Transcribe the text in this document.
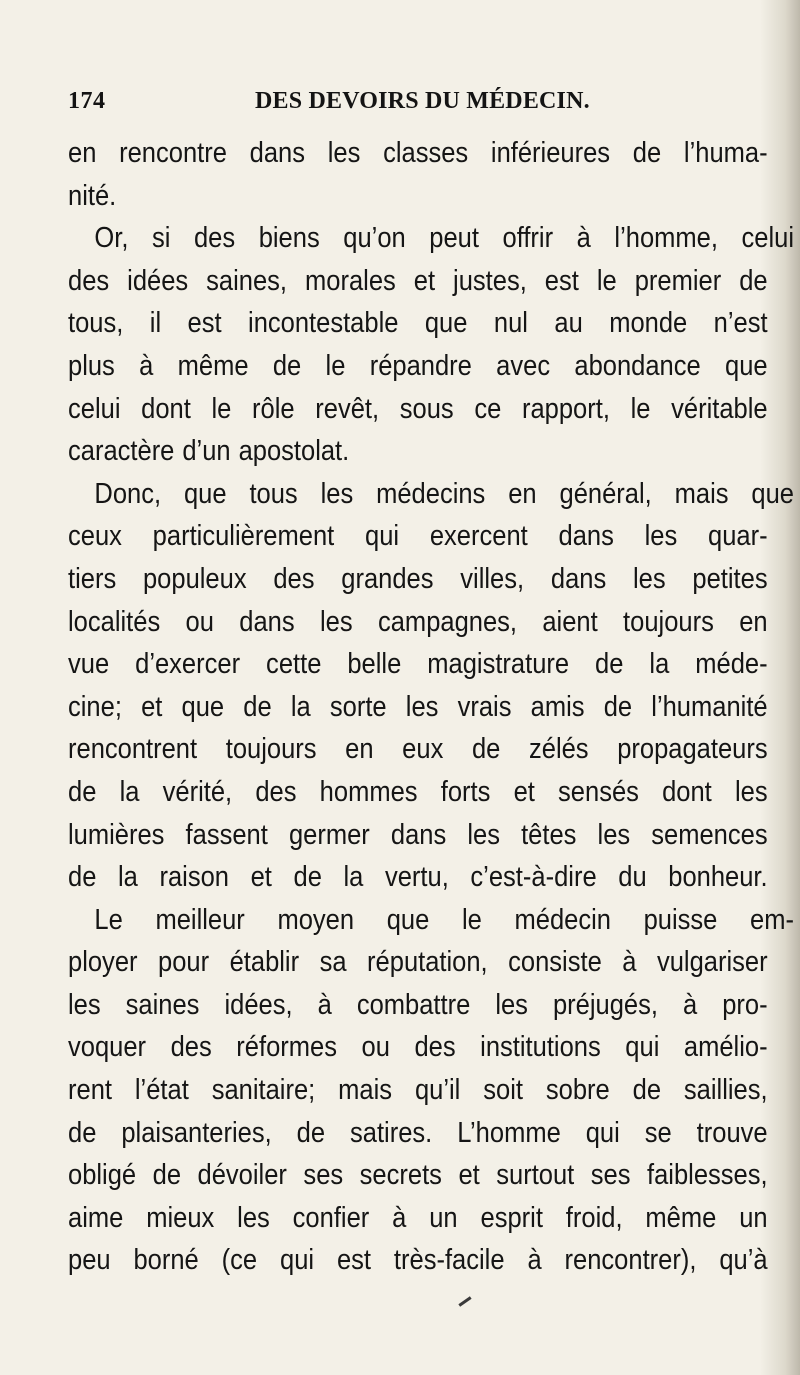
174	DES DEVOIRS DU MÉDECIN.
en rencontre dans les classes inférieures de l’huma-
nité.
Or, si des biens qu’on peut offrir à l’homme, celui
des idées saines, morales et justes, est le premier de
tous, il est incontestable que nul au monde n’est
plus à même de le répandre avec abondance que
celui dont le rôle revêt, sous ce rapport, le véritable
caractère d’un apostolat.
Donc, que tous les médecins en général, mais que
ceux particulièrement qui exercent dans les quar-
tiers populeux des grandes villes, dans les petites
localités ou dans les campagnes, aient toujours en
vue d’exercer cette belle magistrature de la méde-
cine; et que de la sorte les vrais amis de l’humanité
rencontrent toujours en eux de zélés propagateurs
de la vérité, des hommes forts et sensés dont les
lumières fassent germer dans les têtes les semences
de la raison et de la vertu, c’est-à-dire du bonheur.
Le meilleur moyen que le médecin puisse em-
ployer pour établir sa réputation, consiste à vulgariser
les saines idées, à combattre les préjugés, à pro-
voquer des réformes ou des institutions qui amélio-
rent l’état sanitaire; mais qu’il soit sobre de saillies,
de plaisanteries, de satires. L’homme qui se trouve
obligé de dévoiler ses secrets et surtout ses faiblesses,
aime mieux les confier à un esprit froid, même un
peu borné (ce qui est très-facile à rencontrer), qu’à
